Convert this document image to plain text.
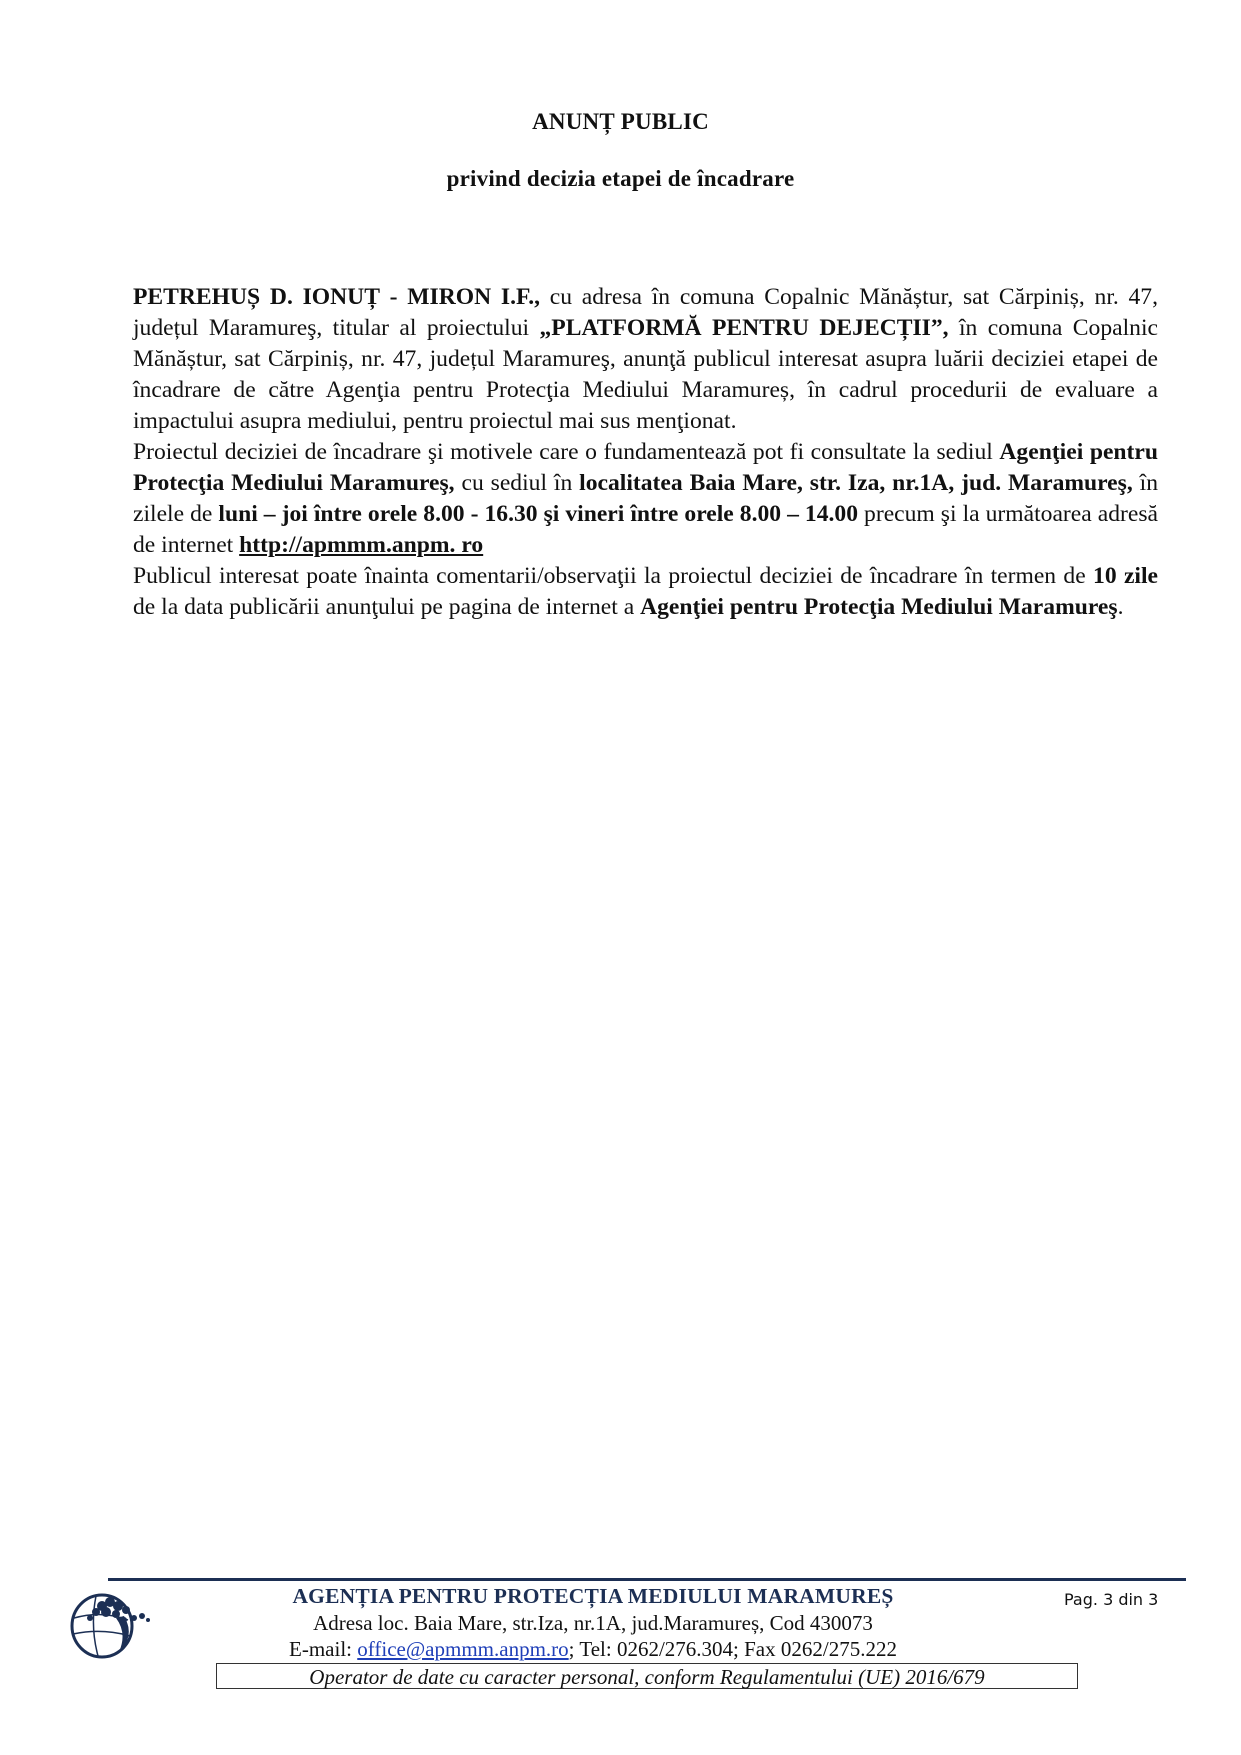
ANUNȚ PUBLIC
privind decizia etapei de încadrare

PETREHUȘ D. IONUȚ - MIRON I.F., cu adresa în comuna Copalnic Mănăștur, sat Cărpiniș, nr. 47, județul Maramureş, titular al proiectului „PLATFORMĂ PENTRU DEJECȚII”, în comuna Copalnic Mănăștur, sat Cărpiniș, nr. 47, județul Maramureş, anunţă publicul interesat asupra luării deciziei etapei de încadrare de către Agenţia pentru Protecţia Mediului Maramureș, în cadrul procedurii de evaluare a impactului asupra mediului, pentru proiectul mai sus menţionat.

Proiectul deciziei de încadrare şi motivele care o fundamentează pot fi consultate la sediul Agenţiei pentru Protecţia Mediului Maramureş, cu sediul în localitatea Baia Mare, str. Iza, nr.1A, jud. Maramureş, în zilele de luni – joi între orele 8.00 - 16.30 şi vineri între orele 8.00 – 14.00 precum şi la următoarea adresă de internet http://apmmm.anpm. ro

Publicul interesat poate înainta comentarii/observaţii la proiectul deciziei de încadrare în termen de 10 zile de la data publicării anunţului pe pagina de internet a Agenţiei pentru Protecţia Mediului Maramureş.

AGENȚIA PENTRU PROTECȚIA MEDIULUI MARAMUREȘ
Adresa loc. Baia Mare, str.Iza, nr.1A, jud.Maramureș, Cod 430073
E-mail: office@apmmm.anpm.ro; Tel: 0262/276.304; Fax 0262/275.222
Operator de date cu caracter personal, conform Regulamentului (UE) 2016/679
Pag. 3 din 3
